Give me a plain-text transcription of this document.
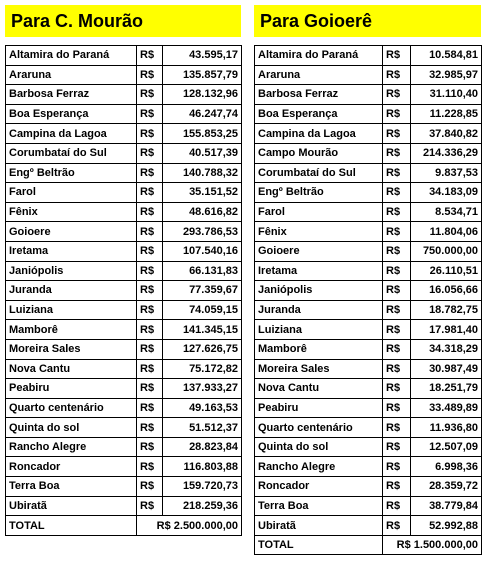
Para C. Mourão
Altamira do Paraná	R$	43.595,17
Araruna	R$	135.857,79
Barbosa Ferraz	R$	128.132,96
Boa Esperança	R$	46.247,74
Campina da Lagoa	R$	155.853,25
Corumbataí do Sul	R$	40.517,39
Engº Beltrão	R$	140.788,32
Farol	R$	35.151,52
Fênix	R$	48.616,82
Goioere	R$	293.786,53
Iretama	R$	107.540,16
Janiópolis	R$	66.131,83
Juranda	R$	77.359,67
Luiziana	R$	74.059,15
Mamborê	R$	141.345,15
Moreira Sales	R$	127.626,75
Nova Cantu	R$	75.172,82
Peabiru	R$	137.933,27
Quarto centenário	R$	49.163,53
Quinta do sol	R$	51.512,37
Rancho Alegre	R$	28.823,84
Roncador	R$	116.803,88
Terra Boa	R$	159.720,73
Ubiratã	R$	218.259,36
TOTAL	R$ 2.500.000,00	
Para Goioerê
Altamira do Paraná	R$	10.584,81
Araruna	R$	32.985,97
Barbosa Ferraz	R$	31.110,40
Boa Esperança	R$	11.228,85
Campina da Lagoa	R$	37.840,82
Campo Mourão	R$	214.336,29
Corumbataí do Sul	R$	9.837,53
Engº Beltrão	R$	34.183,09
Farol	R$	8.534,71
Fênix	R$	11.804,06
Goioere	R$	750.000,00
Iretama	R$	26.110,51
Janiópolis	R$	16.056,66
Juranda	R$	18.782,75
Luiziana	R$	17.981,40
Mamborê	R$	34.318,29
Moreira Sales	R$	30.987,49
Nova Cantu	R$	18.251,79
Peabiru	R$	33.489,89
Quarto centenário	R$	11.936,80
Quinta do sol	R$	12.507,09
Rancho Alegre	R$	6.998,36
Roncador	R$	28.359,72
Terra Boa	R$	38.779,84
Ubiratã	R$	52.992,88
TOTAL	R$ 1.500.000,00	
